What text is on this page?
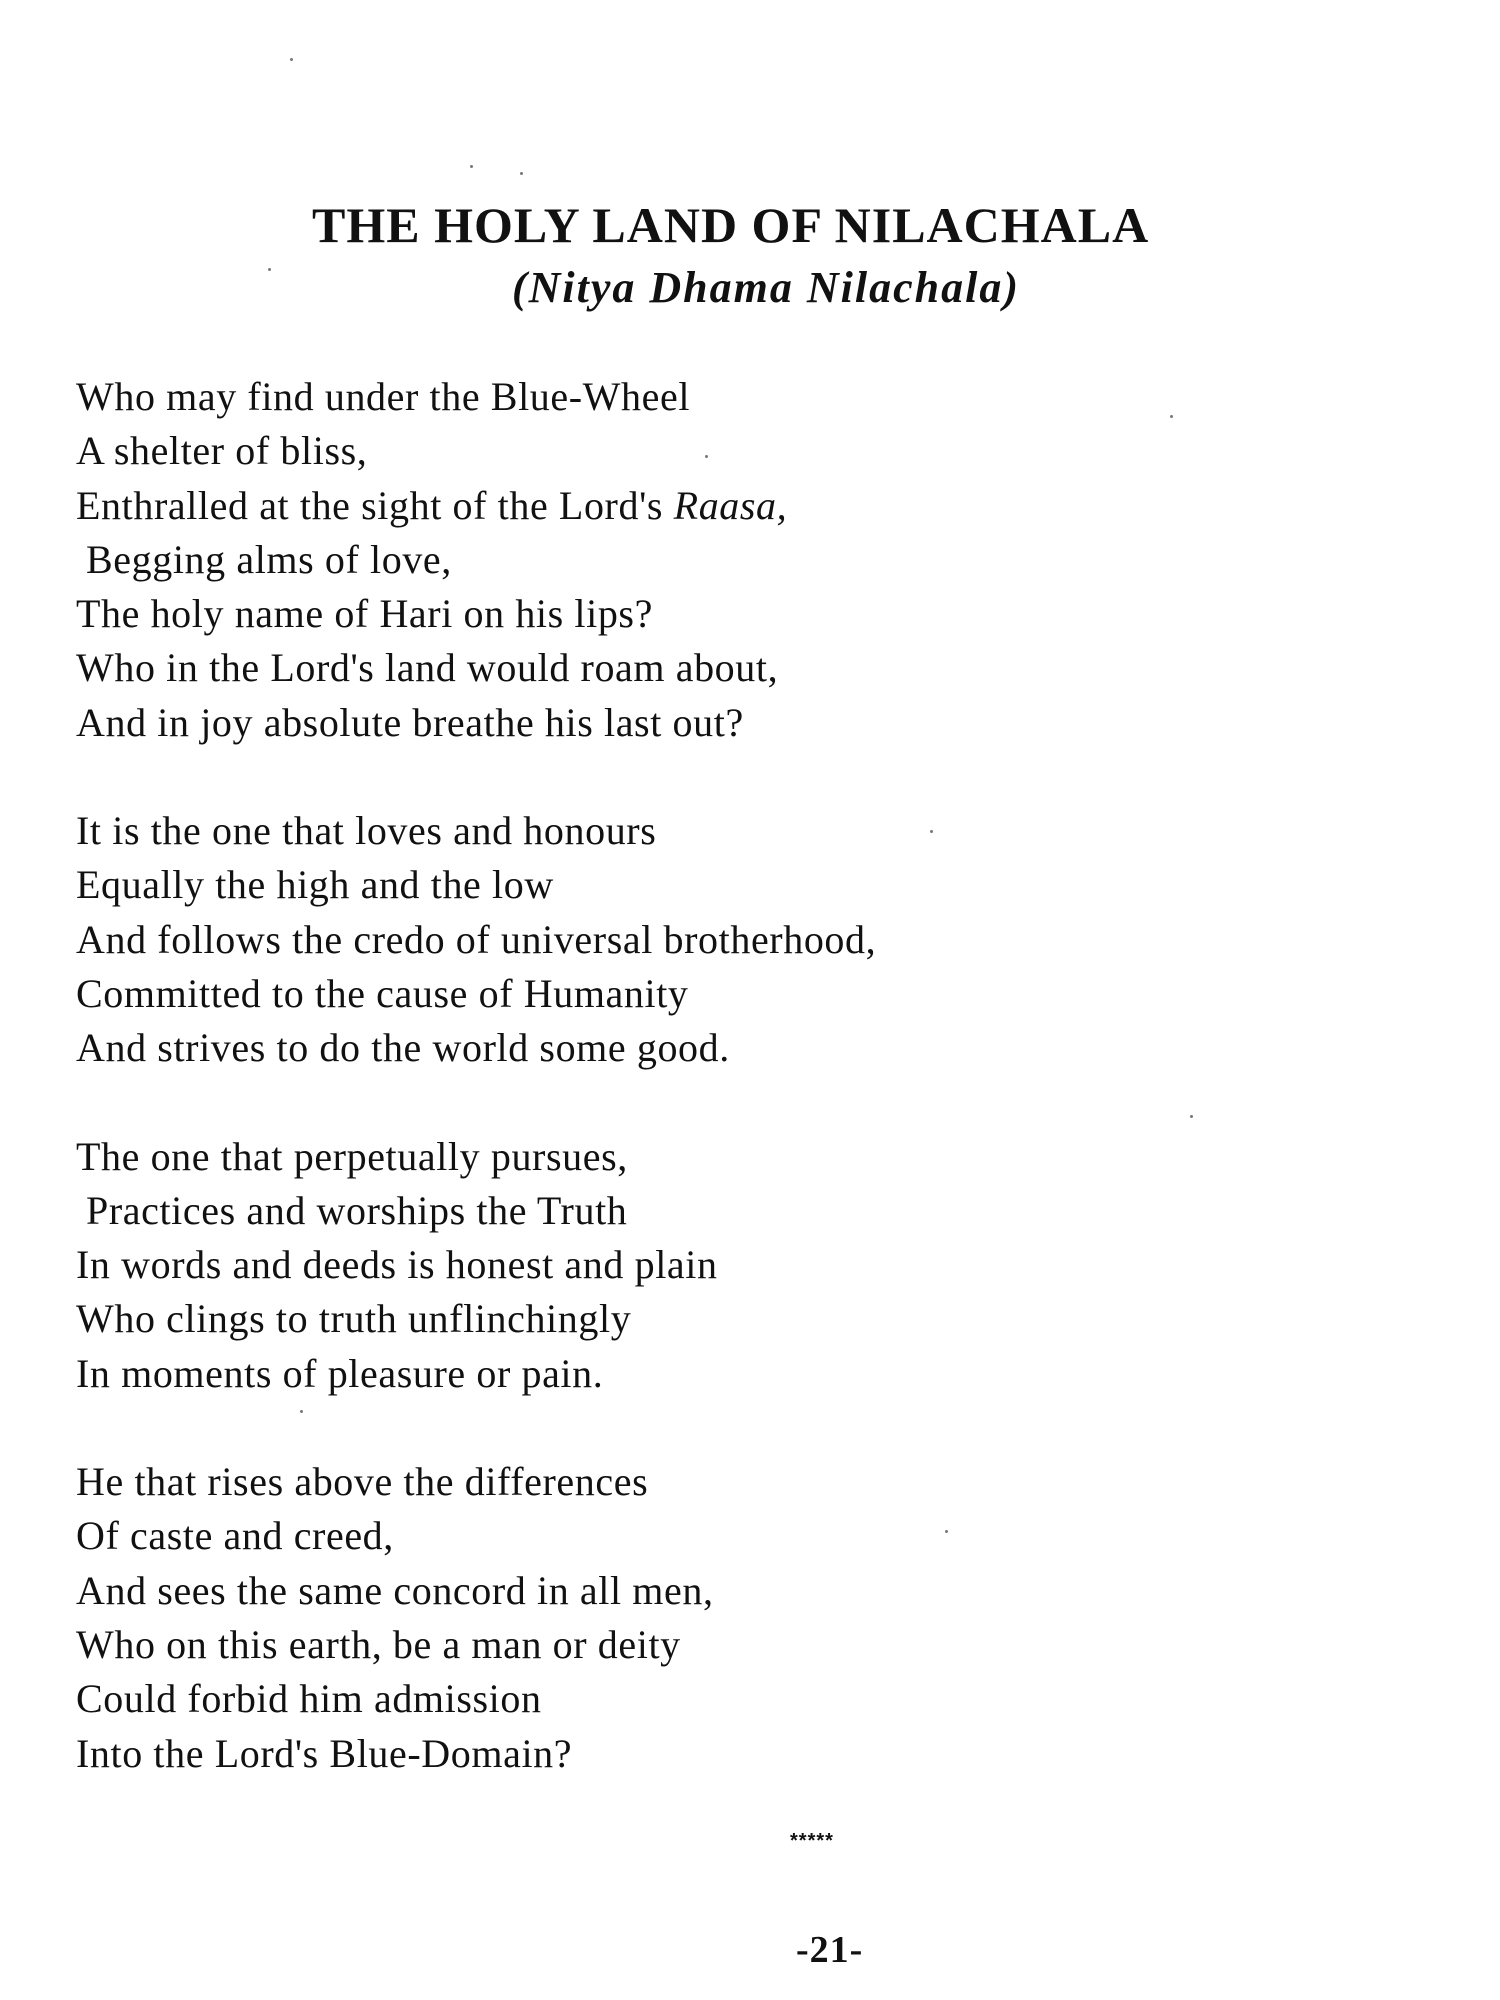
THE HOLY LAND OF NILACHALA
(Nitya Dhama Nilachala)
Who may find under the Blue-Wheel
A shelter of bliss,
Enthralled at the sight of the Lord's Raasa,
Begging alms of love,
The holy name of Hari on his lips?
Who in the Lord's land would roam about,
And in joy absolute breathe his last out?
It is the one that loves and honours
Equally the high and the low
And follows the credo of universal brotherhood,
Committed to the cause of Humanity
And strives to do the world some good.
The one that perpetually pursues,
Practices and worships the Truth
In words and deeds is honest and plain
Who clings to truth unflinchingly
In moments of pleasure or pain.
He that rises above the differences
Of caste and creed,
And sees the same concord in all men,
Who on this earth, be a man or deity
Could forbid him admission
Into the Lord's Blue-Domain?
*****
-21-
